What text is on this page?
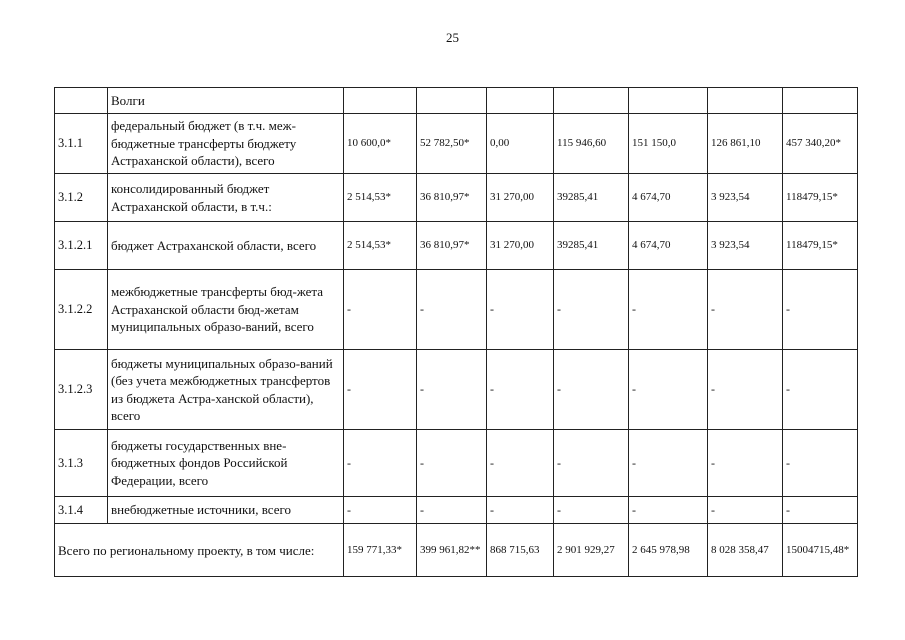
25
	Волги							
3.1.1	федеральный бюджет (в т.ч. меж-бюджетные трансферты бюджету Астраханской области), всего	10 600,0*	52 782,50*	0,00	115 946,60	151 150,0	126 861,10	457 340,20*
3.1.2	консолидированный бюджет Астраханской области, в т.ч.:	2 514,53*	36 810,97*	31 270,00	39285,41	4 674,70	3 923,54	118479,15*
3.1.2.1	бюджет Астраханской области, всего	2 514,53*	36 810,97*	31 270,00	39285,41	4 674,70	3 923,54	118479,15*
3.1.2.2	межбюджетные трансферты бюд-жета Астраханской области бюд-жетам муниципальных образо-ваний, всего	-	-	-	-	-	-	-
3.1.2.3	бюджеты муниципальных образо-ваний (без учета межбюджетных трансфертов из бюджета Астра-ханской области), всего	-	-	-	-	-	-	-
3.1.3	бюджеты государственных вне-бюджетных фондов Российской Федерации, всего	-	-	-	-	-	-	-
3.1.4	внебюджетные источники, всего	-	-	-	-	-	-	-
Всего по региональному проекту, в том числе:		159 771,33*	399 961,82**	868 715,63	2 901 929,27	2 645 978,98	8 028 358,47	15004715,48*
